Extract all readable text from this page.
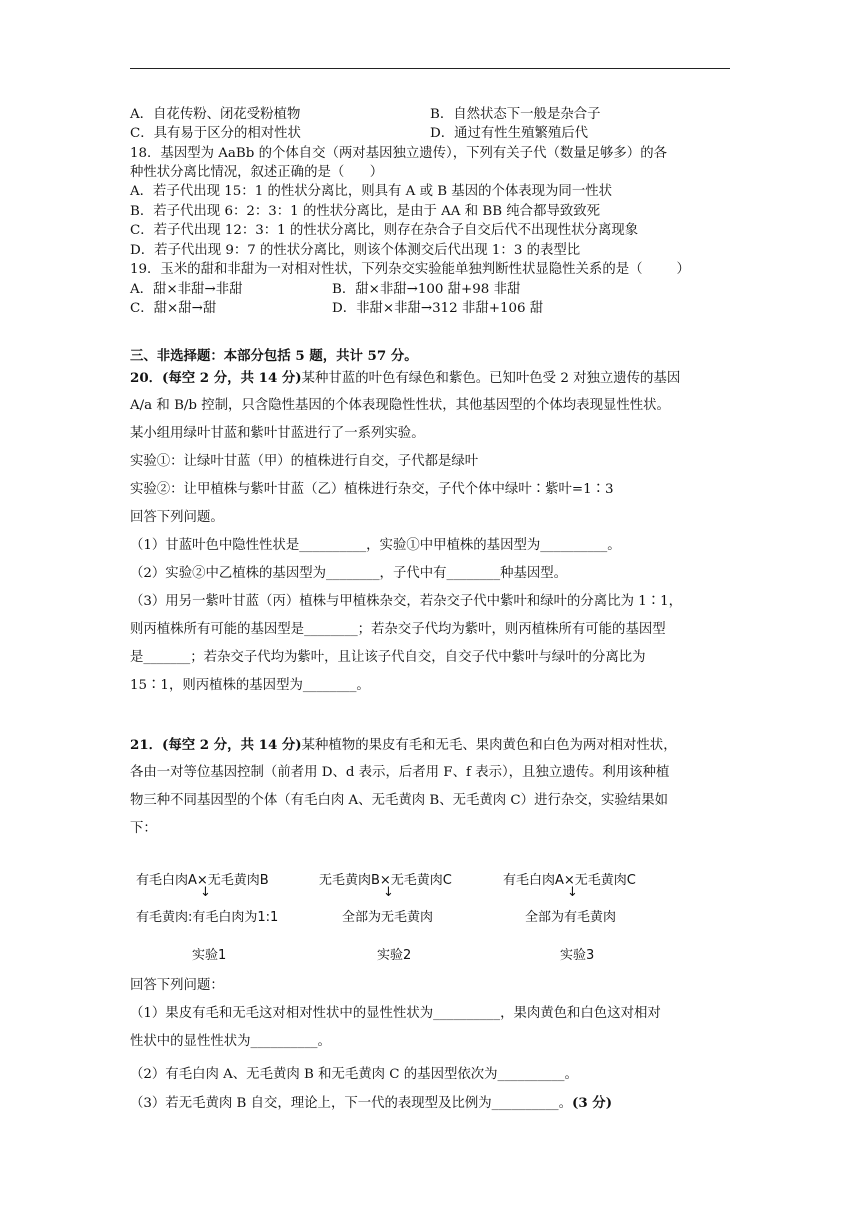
A．自花传粉、闭花受粉植物	B．自然状态下一般是杂合子
C．具有易于区分的相对性状	D．通过有性生殖繁殖后代
18．基因型为 AaBb 的个体自交（两对基因独立遗传），下列有关子代（数量足够多）的各
种性状分离比情况，叙述正确的是（      ）
A．若子代出现 15：1 的性状分离比，则具有 A 或 B 基因的个体表现为同一性状
B．若子代出现 6：2：3：1 的性状分离比，是由于 AA 和 BB 纯合都导致致死
C．若子代出现 12：3：1 的性状分离比，则存在杂合子自交后代不出现性状分离现象
D．若子代出现 9：7 的性状分离比，则该个体测交后代出现 1：3 的表型比
19．玉米的甜和非甜为一对相对性状，下列杂交实验能单独判断性状显隐性关系的是（        ）
A．甜×非甜→非甜	B．甜×非甜→100 甜+98 非甜
C．甜×甜→甜	D．非甜×非甜→312 非甜+106 甜
三、非选择题：本部分包括 5 题，共计 57 分。
20．(每空 2 分，共 14 分)某种甘蓝的叶色有绿色和紫色。已知叶色受 2 对独立遗传的基因
A/a 和 B/b 控制，只含隐性基因的个体表现隐性性状，其他基因型的个体均表现显性性状。
某小组用绿叶甘蓝和紫叶甘蓝进行了一系列实验。
实验①：让绿叶甘蓝（甲）的植株进行自交，子代都是绿叶
实验②：让甲植株与紫叶甘蓝（乙）植株进行杂交，子代个体中绿叶∶紫叶=1∶3
回答下列问题。
（1）甘蓝叶色中隐性性状是__________，实验①中甲植株的基因型为__________。
（2）实验②中乙植株的基因型为________，子代中有________种基因型。
（3）用另一紫叶甘蓝（丙）植株与甲植株杂交，若杂交子代中紫叶和绿叶的分离比为 1∶1，
则丙植株所有可能的基因型是________；若杂交子代均为紫叶，则丙植株所有可能的基因型
是_______；若杂交子代均为紫叶，且让该子代自交，自交子代中紫叶与绿叶的分离比为
15∶1，则丙植株的基因型为________。
21．(每空 2 分，共 14 分)某种植物的果皮有毛和无毛、果肉黄色和白色为两对相对性状，
各由一对等位基因控制（前者用 D、d 表示，后者用 F、f 表示），且独立遗传。利用该种植
物三种不同基因型的个体（有毛白肉 A、无毛黄肉 B、无毛黄肉 C）进行杂交，实验结果如
下：
有毛白肉A×无毛黄肉B
↓
有毛黄肉:有毛白肉为1:1
实验1
无毛黄肉B×无毛黄肉C
↓
全部为无毛黄肉
实验2
有毛白肉A×无毛黄肉C
↓
全部为有毛黄肉
实验3
回答下列问题：
（1）果皮有毛和无毛这对相对性状中的显性性状为__________，果肉黄色和白色这对相对
性状中的显性性状为__________。
（2）有毛白肉 A、无毛黄肉 B 和无毛黄肉 C 的基因型依次为__________。
（3）若无毛黄肉 B 自交，理论上，下一代的表现型及比例为__________。(3 分)
